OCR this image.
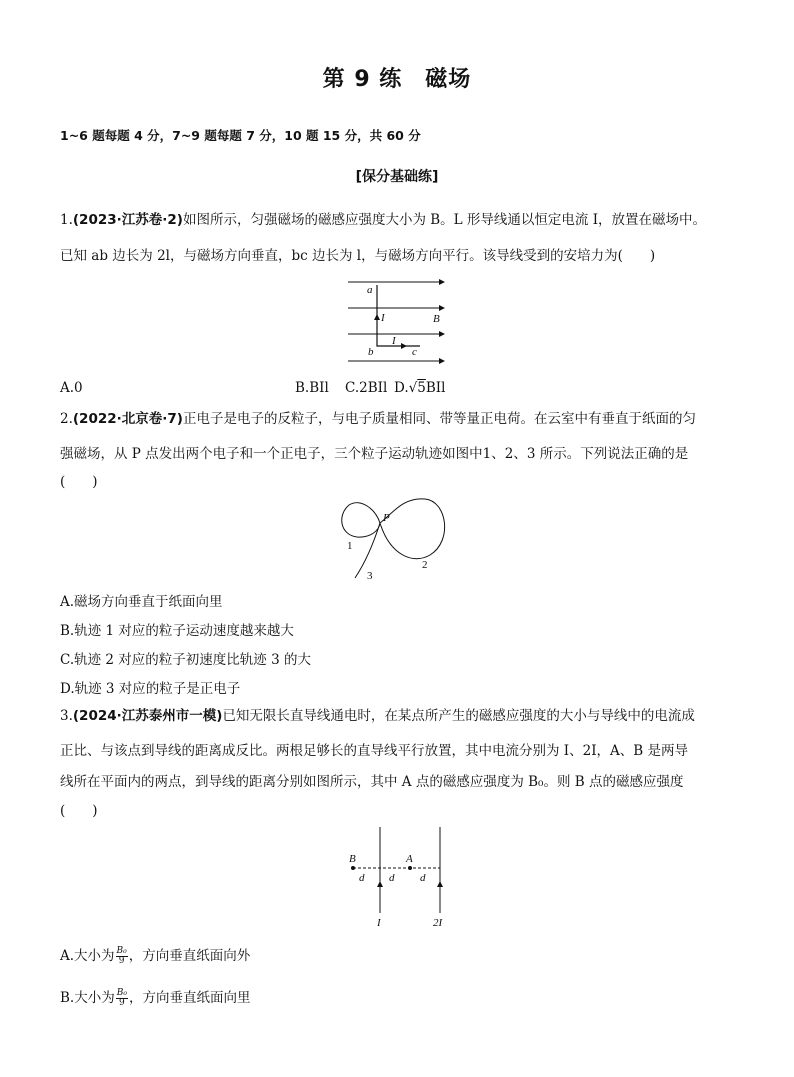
第 9 练　磁场
1~6 题每题 4 分，7~9 题每题 7 分，10 题 15 分，共 60 分
[保分基础练]
1.(2023·江苏卷·2)如图所示，匀强磁场的磁感应强度大小为 B。L 形导线通以恒定电流 I，放置在磁场中。
已知 ab 边长为 2l，与磁场方向垂直，bc 边长为 l，与磁场方向平行。该导线受到的安培力为(　　)
a
I	B
b
I
c
A.0	B.BIl C.2BIl D.√5BIl
2.(2022·北京卷·7)正电子是电子的反粒子，与电子质量相同、带等量正电荷。在云室中有垂直于纸面的匀
强磁场，从 P 点发出两个电子和一个正电子，三个粒子运动轨迹如图中1、2、3 所示。下列说法正确的是
(　　)
P
1
2
3
A.磁场方向垂直于纸面向里
B.轨迹 1 对应的粒子运动速度越来越大
C.轨迹 2 对应的粒子初速度比轨迹 3 的大
D.轨迹 3 对应的粒子是正电子
3.(2024·江苏泰州市一模)已知无限长直导线通电时，在某点所产生的磁感应强度的大小与导线中的电流成
正比、与该点到导线的距离成反比。两根足够长的直导线平行放置，其中电流分别为 I、2I，A、B 是两导
线所在平面内的两点，到导线的距离分别如图所示，其中 A 点的磁感应强度为 B₀。则 B 点的磁感应强度
(　　)
B	A
d d d
I	2I
A.大小为 $\frac{\text{B₀}}{9}$ ，方向垂直纸面向外
B.大小为 $\frac{\text{B₀}}{9}$ ，方向垂直纸面向里
